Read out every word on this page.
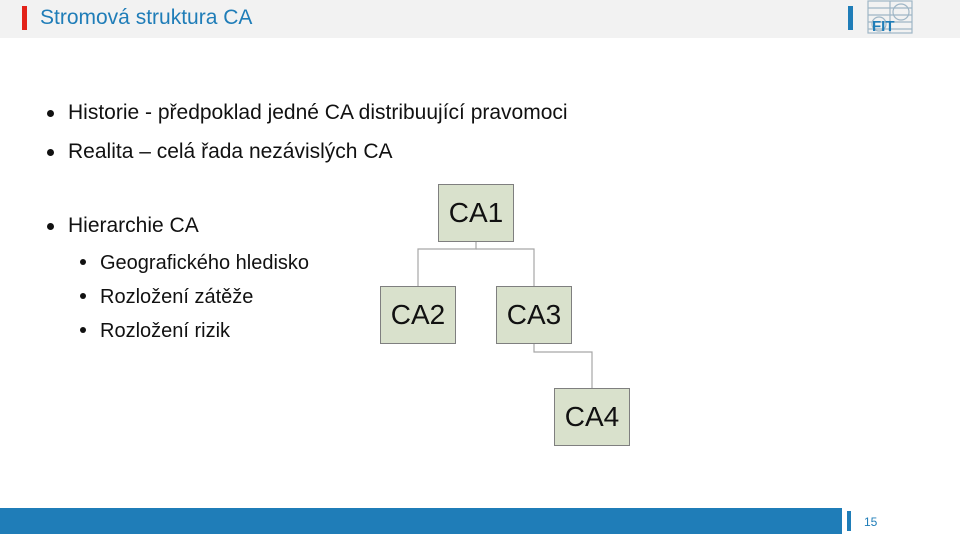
Stromová struktura CA	FIT
Historie - předpoklad jedné CA distribuující pravomoci
Realita – celá řada nezávislých CA
Hierarchie CA
Geografického hledisko
Rozložení zátěže
Rozložení rizik
CA1
CA2	CA3
CA4
15
